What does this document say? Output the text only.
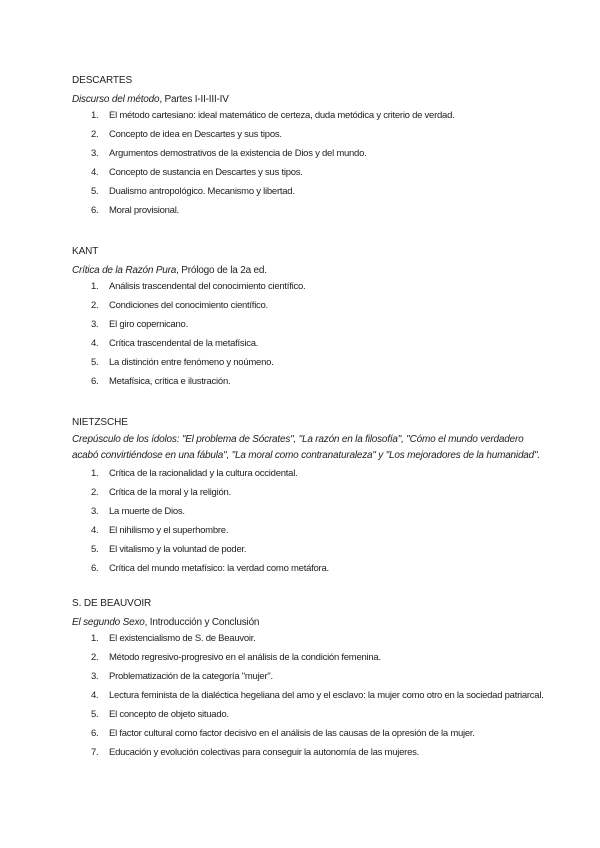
DESCARTES
Discurso del método, Partes I-II-III-IV
1.	El método cartesiano: ideal matemático de certeza, duda metódica y criterio de verdad.
2.	Concepto de idea en Descartes y sus tipos.
3.	Argumentos demostrativos de la existencia de Dios y del mundo.
4.	Concepto de sustancia en Descartes y sus tipos.
5.	Dualismo antropológico. Mecanismo y libertad.
6.	Moral provisional.
KANT
Crítica de la Razón Pura, Prólogo de la 2a ed.
1.	Análisis trascendental del conocimiento científico.
2.	Condiciones del conocimiento científico.
3.	El giro copernicano.
4.	Crítica trascendental de la metafísica.
5.	La distinción entre fenómeno y noúmeno.
6.	Metafísica, crítica e ilustración.
NIETZSCHE
Crepúsculo de los ídolos: "El problema de Sócrates", "La razón en la filosofía", "Cómo el mundo verdadero acabó convirtiéndose en una fábula", "La moral como contranaturaleza" y "Los mejoradores de la humanidad".
1.	Crítica de la racionalidad y la cultura occidental.
2.	Crítica de la moral y la religión.
3.	La muerte de Dios.
4.	El nihilismo y el superhombre.
5.	El vitalismo y la voluntad de poder.
6.	Crítica del mundo metafísico: la verdad como metáfora.
S. DE BEAUVOIR
El segundo Sexo, Introducción y Conclusión
1.	El existencialismo de S. de Beauvoir.
2.	Método regresivo-progresivo en el análisis de la condición femenina.
3.	Problematización de la categoría "mujer".
4.	Lectura feminista de la dialéctica hegeliana del amo y el esclavo: la mujer como otro en la sociedad patriarcal.
5.	El concepto de objeto situado.
6.	El factor cultural como factor decisivo en el análisis de las causas de la opresión de la mujer.
7.	Educación y evolución colectivas para conseguir la autonomía de las mujeres.
